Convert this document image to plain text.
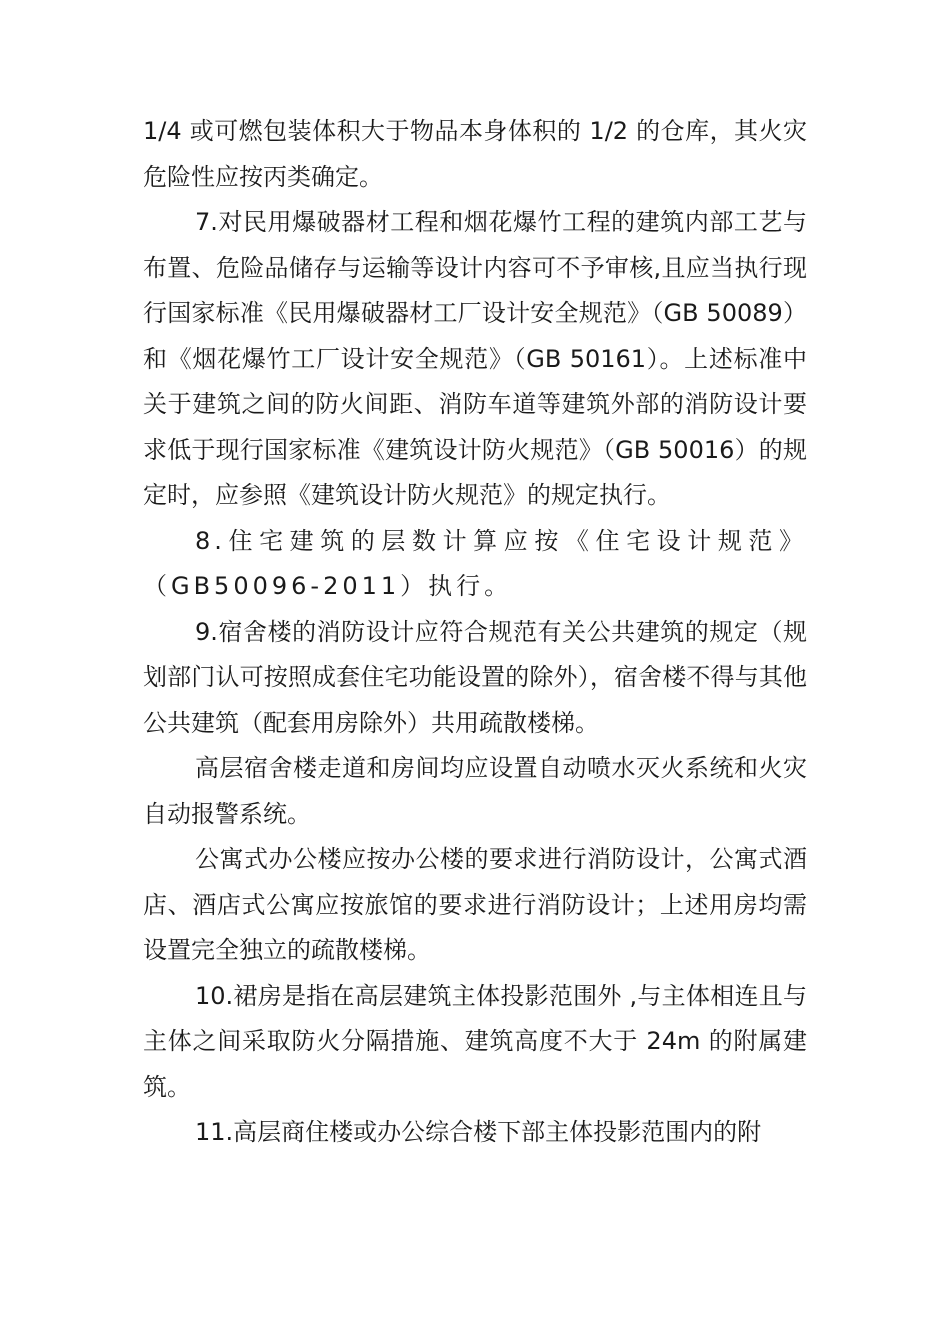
1/4 或可燃包装体积大于物品本身体积的 1/2 的仓库，其火灾危险性应按丙类确定。

7.对民用爆破器材工程和烟花爆竹工程的建筑内部工艺与布置、危险品储存与运输等设计内容可不予审核,且应当执行现行国家标准《民用爆破器材工厂设计安全规范》（GB 50089）和《烟花爆竹工厂设计安全规范》（GB 50161）。上述标准中关于建筑之间的防火间距、消防车道等建筑外部的消防设计要求低于现行国家标准《建筑设计防火规范》（GB 50016）的规定时，应参照《建筑设计防火规范》的规定执行。

8.住宅建筑的层数计算应按《住宅设计规范》（GB50096-2011）执行。

9.宿舍楼的消防设计应符合规范有关公共建筑的规定（规划部门认可按照成套住宅功能设置的除外），宿舍楼不得与其他公共建筑（配套用房除外）共用疏散楼梯。

高层宿舍楼走道和房间均应设置自动喷水灭火系统和火灾自动报警系统。

公寓式办公楼应按办公楼的要求进行消防设计，公寓式酒店、酒店式公寓应按旅馆的要求进行消防设计；上述用房均需设置完全独立的疏散楼梯。

10.裙房是指在高层建筑主体投影范围外 ,与主体相连且与主体之间采取防火分隔措施、建筑高度不大于 24m 的附属建筑。

11.高层商住楼或办公综合楼下部主体投影范围内的附
